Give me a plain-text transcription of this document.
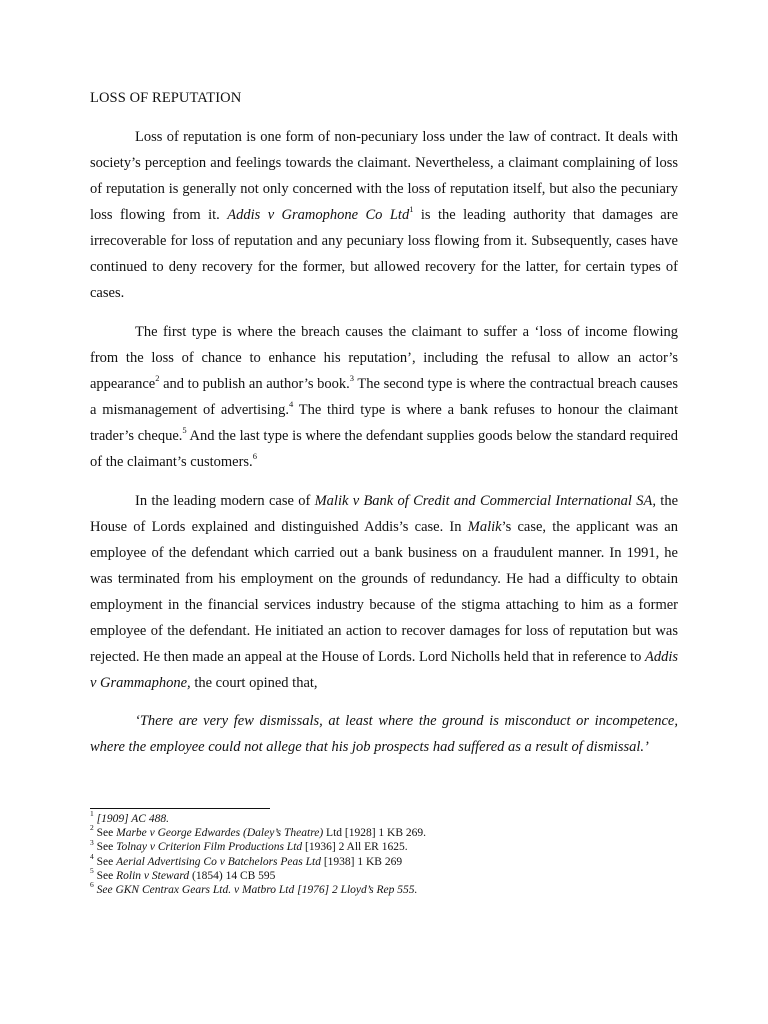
LOSS OF REPUTATION

Loss of reputation is one form of non-pecuniary loss under the law of contract. It deals with society’s perception and feelings towards the claimant. Nevertheless, a claimant complaining of loss of reputation is generally not only concerned with the loss of reputation itself, but also the pecuniary loss flowing from it. Addis v Gramophone Co Ltd$^1$ is the leading authority that damages are irrecoverable for loss of reputation and any pecuniary loss flowing from it. Subsequently, cases have continued to deny recovery for the former, but allowed recovery for the latter, for certain types of cases.

The first type is where the breach causes the claimant to suffer a ‘loss of income flowing from the loss of chance to enhance his reputation’, including the refusal to allow an actor’s appearance$^2$ and to publish an author’s book.$^3$ The second type is where the contractual breach causes a mismanagement of advertising.$^4$ The third type is where a bank refuses to honour the claimant trader’s cheque.$^5$ And the last type is where the defendant supplies goods below the standard required of the claimant’s customers.$^6$

In the leading modern case of Malik v Bank of Credit and Commercial International SA, the House of Lords explained and distinguished Addis’s case. In Malik’s case, the applicant was an employee of the defendant which carried out a bank business on a fraudulent manner. In 1991, he was terminated from his employment on the grounds of redundancy. He had a difficulty to obtain employment in the financial services industry because of the stigma attaching to him as a former employee of the defendant. He initiated an action to recover damages for loss of reputation but was rejected. He then made an appeal at the House of Lords. Lord Nicholls held that in reference to Addis v Grammaphone, the court opined that,

‘There are very few dismissals, at least where the ground is misconduct or incompetence, where the employee could not allege that his job prospects had suffered as a result of dismissal.’

$^1$ [1909] AC 488.
$^2$ See Marbe v George Edwardes (Daley’s Theatre) Ltd [1928] 1 KB 269.
$^3$ See Tolnay v Criterion Film Productions Ltd [1936] 2 All ER 1625.
$^4$ See Aerial Advertising Co v Batchelors Peas Ltd [1938] 1 KB 269
$^5$ See Rolin v Steward (1854) 14 CB 595
$^6$ See GKN Centrax Gears Ltd. v Matbro Ltd [1976] 2 Lloyd’s Rep 555.
